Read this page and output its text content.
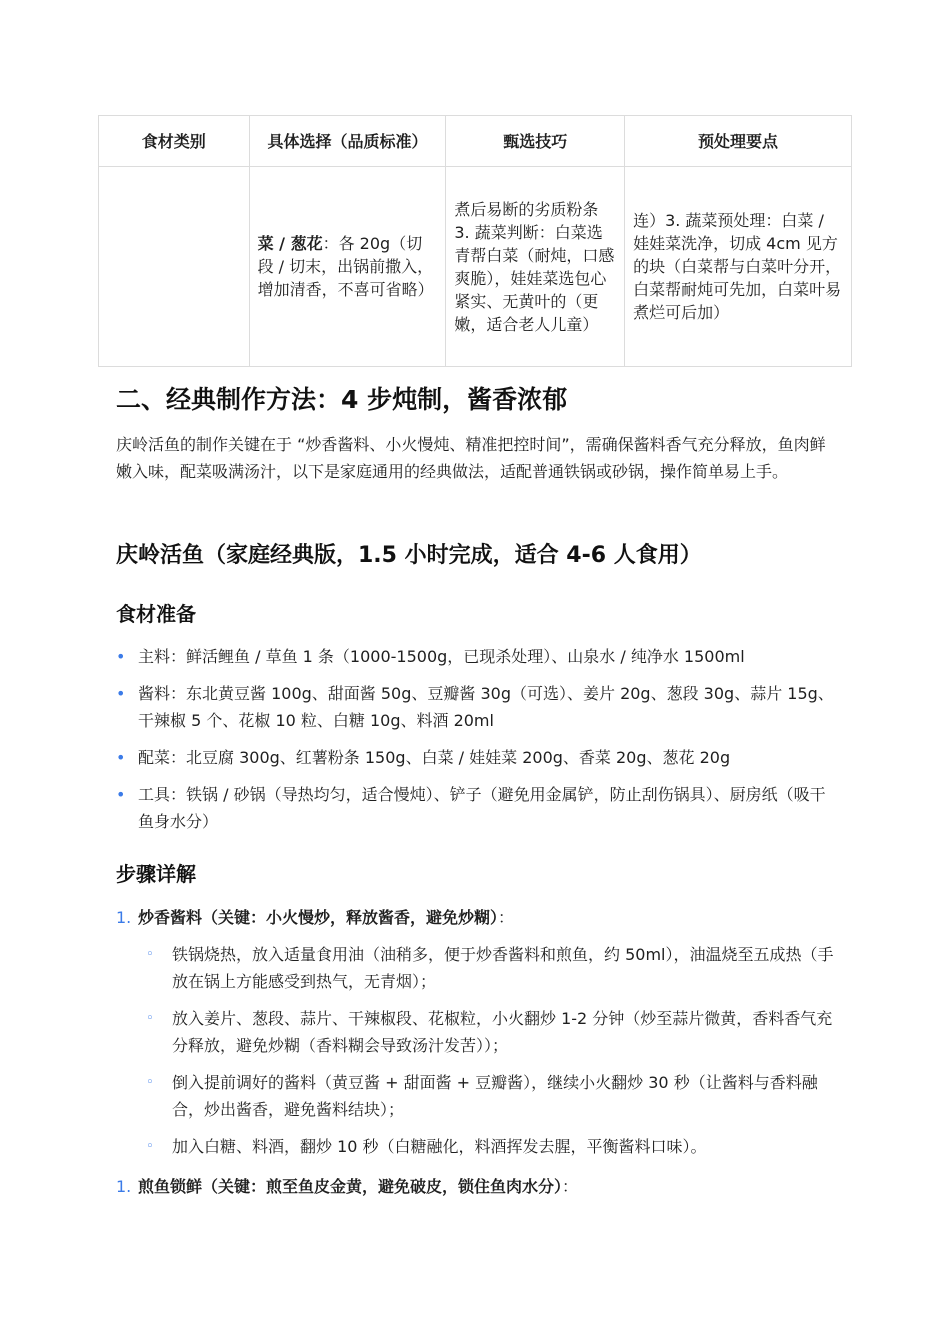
食材类别	具体选择（品质标准）	甄选技巧	预处理要点
	菜 / 葱花：各 20g（切段 / 切末，出锅前撒入，增加清香，不喜可省略）	煮后易断的劣质粉条 3. 蔬菜判断：白菜选青帮白菜（耐炖，口感爽脆），娃娃菜选包心紧实、无黄叶的（更嫩，适合老人儿童）	连）3. 蔬菜预处理：白菜 / 娃娃菜洗净，切成 4cm 见方的块（白菜帮与白菜叶分开，白菜帮耐炖可先加，白菜叶易煮烂可后加）
二、经典制作方法：4 步炖制，酱香浓郁

庆岭活鱼的制作关键在于 “炒香酱料、小火慢炖、精准把控时间”，需确保酱料香气充分释放，鱼肉鲜嫩入味，配菜吸满汤汁，以下是家庭通用的经典做法，适配普通铁锅或砂锅，操作简单易上手。

庆岭活鱼（家庭经典版，1.5 小时完成，适合 4-6 人食用）
食材准备
• 主料：鲜活鲤鱼 / 草鱼 1 条（1000-1500g，已现杀处理）、山泉水 / 纯净水 1500ml
• 酱料：东北黄豆酱 100g、甜面酱 50g、豆瓣酱 30g（可选）、姜片 20g、葱段 30g、蒜片 15g、干辣椒 5 个、花椒 10 粒、白糖 10g、料酒 20ml
• 配菜：北豆腐 300g、红薯粉条 150g、白菜 / 娃娃菜 200g、香菜 20g、葱花 20g
• 工具：铁锅 / 砂锅（导热均匀，适合慢炖）、铲子（避免用金属铲，防止刮伤锅具）、厨房纸（吸干鱼身水分）
步骤详解
1. 炒香酱料（关键：小火慢炒，释放酱香，避免炒糊）：
◦ 铁锅烧热，放入适量食用油（油稍多，便于炒香酱料和煎鱼，约 50ml），油温烧至五成热（手放在锅上方能感受到热气，无青烟）；
◦ 放入姜片、葱段、蒜片、干辣椒段、花椒粒，小火翻炒 1-2 分钟（炒至蒜片微黄，香料香气充分释放，避免炒糊（香料糊会导致汤汁发苦））；
◦ 倒入提前调好的酱料（黄豆酱 + 甜面酱 + 豆瓣酱），继续小火翻炒 30 秒（让酱料与香料融合，炒出酱香，避免酱料结块）；
◦ 加入白糖、料酒，翻炒 10 秒（白糖融化，料酒挥发去腥，平衡酱料口味）。
1. 煎鱼锁鲜（关键：煎至鱼皮金黄，避免破皮，锁住鱼肉水分）：
